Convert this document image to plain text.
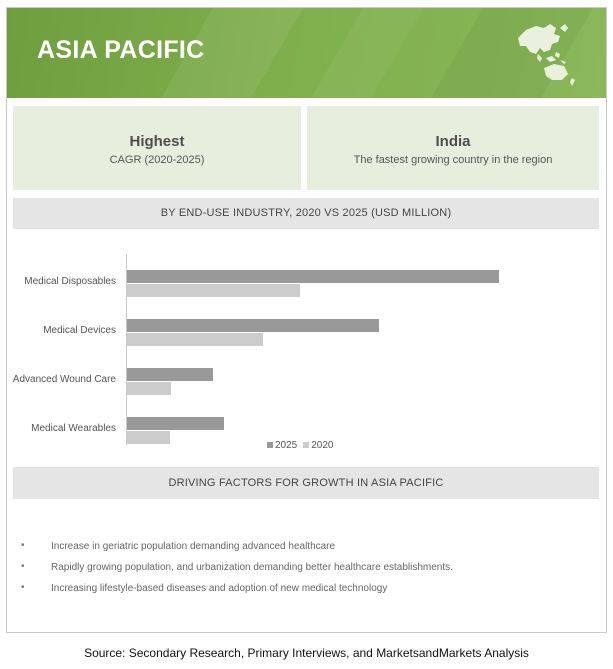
ASIA PACIFIC
Highest
CAGR (2020-2025)
India
The fastest growing country in the region
BY END-USE INDUSTRY, 2020 VS 2025 (USD MILLION)
2025 2020
Medical Disposables
Medical Devices
Advanced Wound Care
Medical Wearables
DRIVING FACTORS FOR GROWTH IN ASIA PACIFIC
•	Increase in geriatric population demanding advanced healthcare
•	Rapidly growing population, and urbanization demanding better healthcare establishments.
•	Increasing lifestyle-based diseases and adoption of new medical technology
Source: Secondary Research, Primary Interviews, and MarketsandMarkets Analysis
